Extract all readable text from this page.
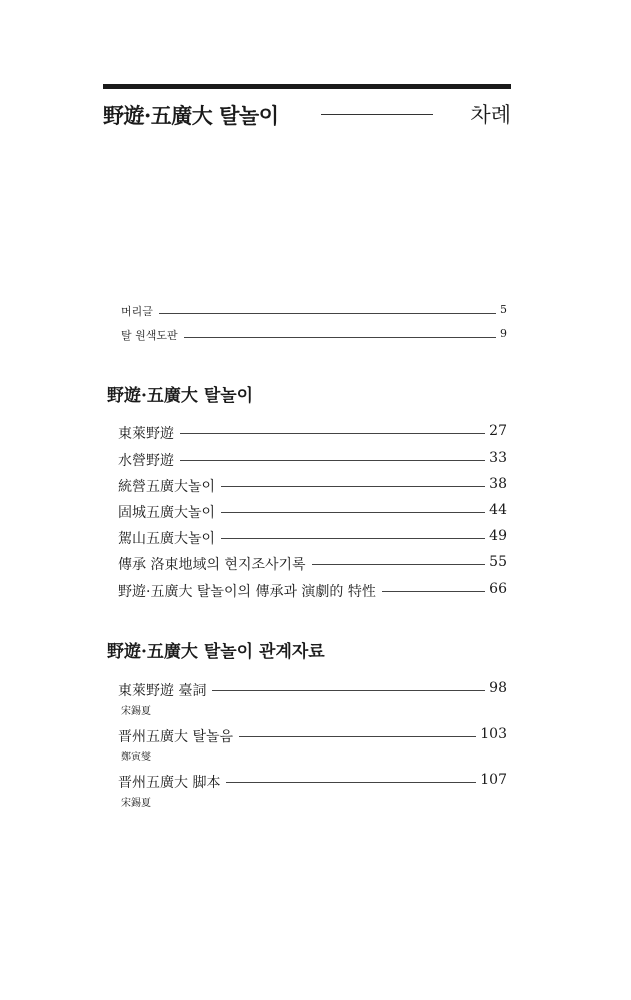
野遊·五廣大 탈놀이	차례
머리글	5
탈 원색도판	9
野遊·五廣大 탈놀이
東萊野遊	27
水營野遊	33
統營五廣大놀이	38
固城五廣大놀이	44
駕山五廣大놀이	49
傳承 洛東地域의 현지조사기록	55
野遊·五廣大 탈놀이의 傳承과 演劇的 特性	66
野遊·五廣大 탈놀이 관계자료
東萊野遊 臺詞	98
宋錫夏
晋州五廣大 탈놀음	103
鄭寅燮
晋州五廣大 脚本	107
宋錫夏
